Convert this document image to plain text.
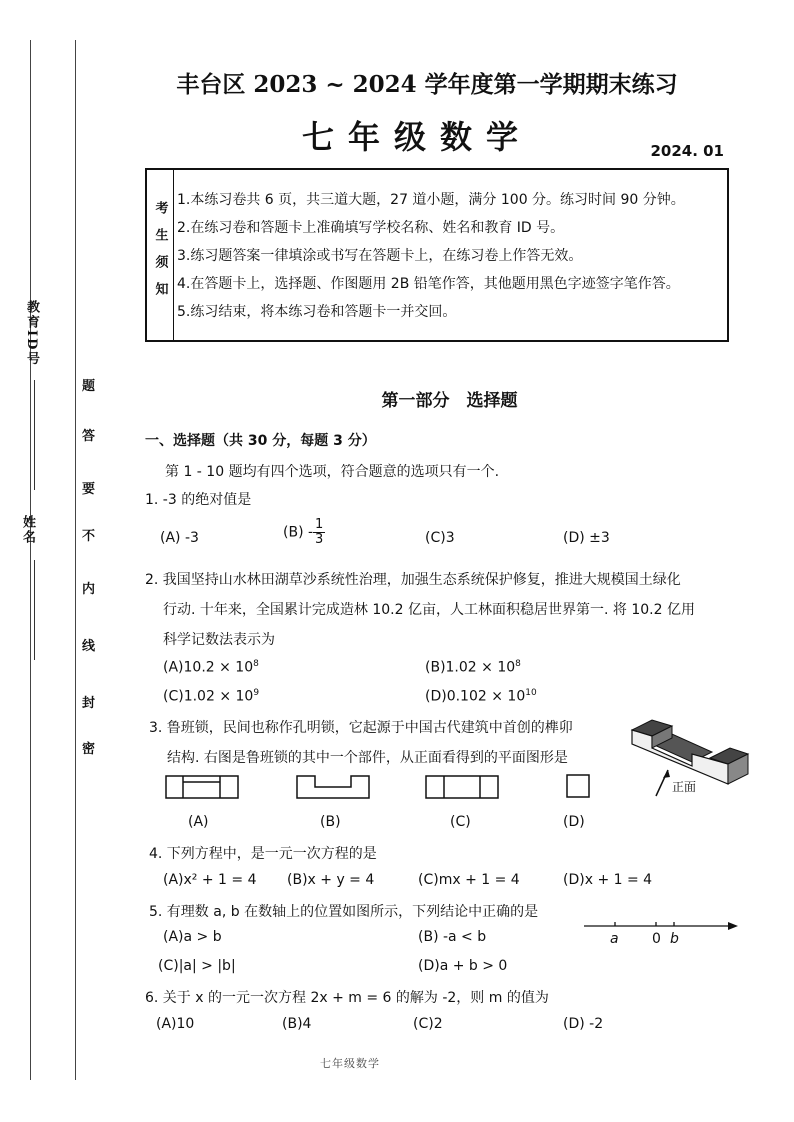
教育ID号
姓名
密
封
线
内
不
要
答
题
丰台区 2023 ~ 2024 学年度第一学期期末练习
七年级数学	2024. 01
考生须知
1.本练习卷共 6 页，共三道大题，27 道小题，满分 100 分。练习时间 90 分钟。
2.在练习卷和答题卡上准确填写学校名称、姓名和教育 ID 号。
3.练习题答案一律填涂或书写在答题卡上，在练习卷上作答无效。
4.在答题卡上，选择题、作图题用 2B 铅笔作答，其他题用黑色字迹签字笔作答。
5.练习结束，将本练习卷和答题卡一并交回。
第一部分　选择题
一、选择题（共 30 分，每题 3 分）
第 1 - 10 题均有四个选项，符合题意的选项只有一个.
1. -3 的绝对值是
(A) -3	$(B) - \frac{1}{3}$	(C)3	(D) ±3
2. 我国坚持山水林田湖草沙系统性治理，加强生态系统保护修复，推进大规模国土绿化
行动. 十年来，全国累计完成造林 10.2 亿亩，人工林面积稳居世界第一. 将 10.2 亿用
科学记数法表示为
$(A)10.2 \times 10^8$	$(B)1.02 \times 10^8$
$(C)1.02 \times 10^9$	$(D)0.102 \times 10^{10}$
3. 鲁班锁，民间也称作孔明锁，它起源于中国古代建筑中首创的榫卯
结构. 右图是鲁班锁的其中一个部件，从正面看得到的平面图形是
(A)	(B)	(C)	(D)
正面
4. 下列方程中，是一元一次方程的是
(A)x² + 1 = 4 (B)x + y = 4	(C)mx + 1 = 4	(D)x + 1 = 4
5. 有理数 a, b 在数轴上的位置如图所示，下列结论中正确的是
(A)a > b	(B) -a < b
(C)|a| > |b|	(D)a + b > 0
a 0 b
6. 关于 x 的一元一次方程 2x + m = 6 的解为 -2，则 m 的值为
(A)10	(B)4	(C)2	(D) -2
七年级数学
